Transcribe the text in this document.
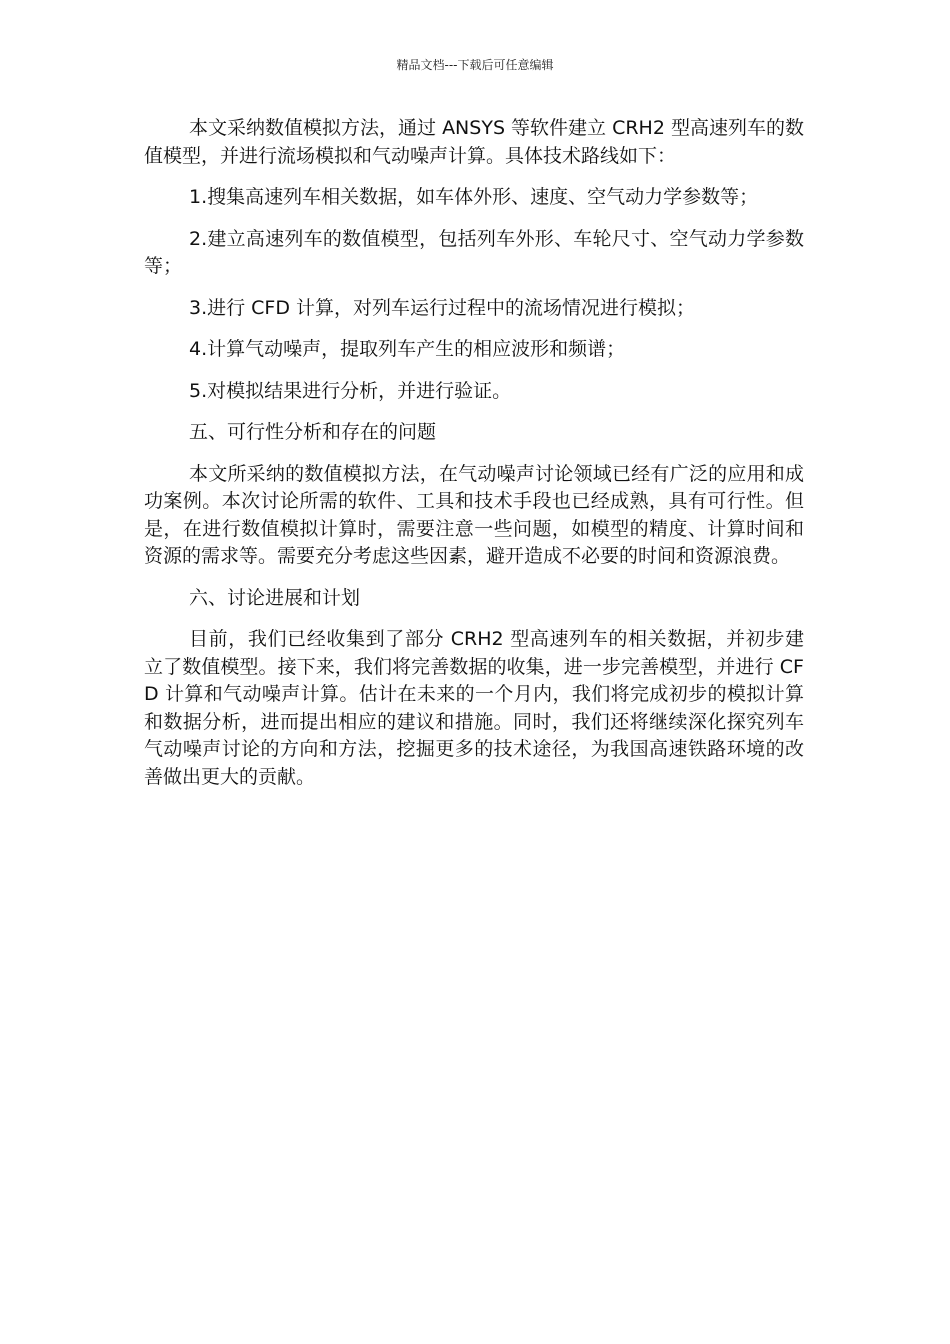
精品文档---下载后可任意编辑

本文采纳数值模拟方法，通过 ANSYS 等软件建立 CRH2 型高速列车的数值模型，并进行流场模拟和气动噪声计算。具体技术路线如下：

1.搜集高速列车相关数据，如车体外形、速度、空气动力学参数等；

2.建立高速列车的数值模型，包括列车外形、车轮尺寸、空气动力学参数等；

3.进行 CFD 计算，对列车运行过程中的流场情况进行模拟；

4.计算气动噪声，提取列车产生的相应波形和频谱；

5.对模拟结果进行分析，并进行验证。

五、可行性分析和存在的问题

本文所采纳的数值模拟方法，在气动噪声讨论领域已经有广泛的应用和成功案例。本次讨论所需的软件、工具和技术手段也已经成熟，具有可行性。但是，在进行数值模拟计算时，需要注意一些问题，如模型的精度、计算时间和资源的需求等。需要充分考虑这些因素，避开造成不必要的时间和资源浪费。

六、讨论进展和计划

目前，我们已经收集到了部分 CRH2 型高速列车的相关数据，并初步建立了数值模型。接下来，我们将完善数据的收集，进一步完善模型，并进行 CFD 计算和气动噪声计算。估计在未来的一个月内，我们将完成初步的模拟计算和数据分析，进而提出相应的建议和措施。同时，我们还将继续深化探究列车气动噪声讨论的方向和方法，挖掘更多的技术途径，为我国高速铁路环境的改善做出更大的贡献。
